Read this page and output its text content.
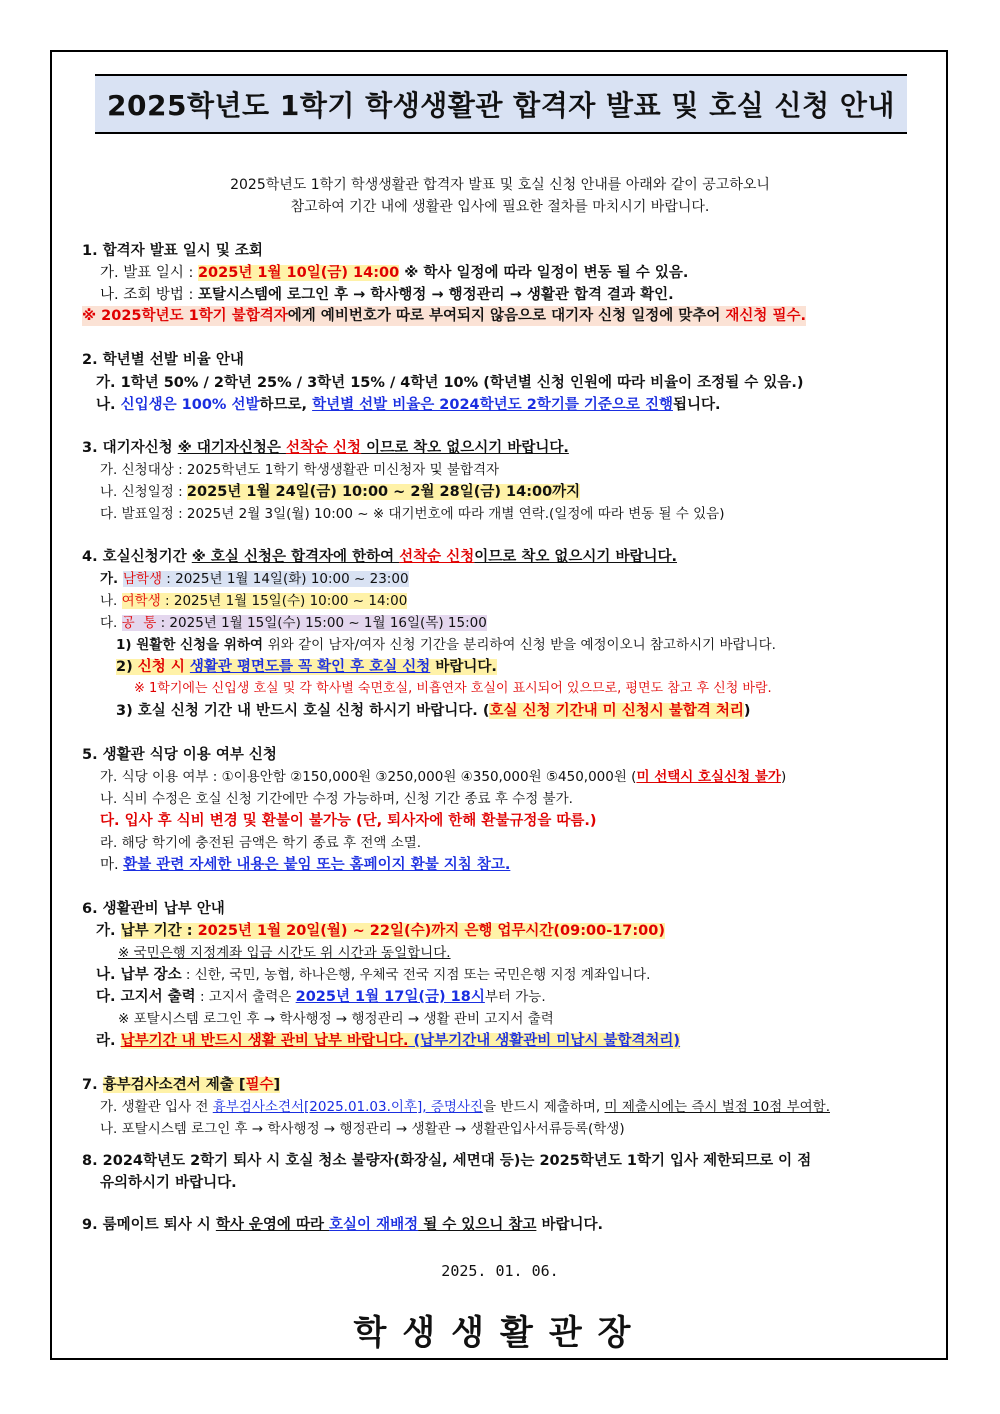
2025학년도 1학기 학생생활관 합격자 발표 및 호실 신청 안내
2025학년도 1학기 학생생활관 합격자 발표 및 호실 신청 안내를 아래와 같이 공고하오니
참고하여 기간 내에 생활관 입사에 필요한 절차를 마치시기 바랍니다.
1. 합격자 발표 일시 및 조회
가. 발표 일시 : 2025년 1월 10일(금) 14:00 ※ 학사 일정에 따라 일정이 변동 될 수 있음.
나. 조회 방법 : 포탈시스템에 로그인 후 → 학사행정 → 행정관리 → 생활관 합격 결과 확인.
※ 2025학년도 1학기 불합격자에게 예비번호가 따로 부여되지 않음으로 대기자 신청 일정에 맞추어 재신청 필수.
2. 학년별 선발 비율 안내
가. 1학년 50% / 2학년 25% / 3학년 15% / 4학년 10% (학년별 신청 인원에 따라 비율이 조정될 수 있음.)
나. 신입생은 100% 선발하므로, 학년별 선발 비율은 2024학년도 2학기를 기준으로 진행됩니다.
3. 대기자신청 ※ 대기자신청은 선착순 신청 이므로 착오 없으시기 바랍니다.
가. 신청대상 : 2025학년도 1학기 학생생활관 미신청자 및 불합격자
나. 신청일정 : 2025년 1월 24일(금) 10:00 ~ 2월 28일(금) 14:00까지
다. 발표일정 : 2025년 2월 3일(월) 10:00 ~ ※ 대기번호에 따라 개별 연락.(일정에 따라 변동 될 수 있음)
4. 호실신청기간 ※ 호실 신청은 합격자에 한하여 선착순 신청이므로 착오 없으시기 바랍니다.
가. 남학생 : 2025년 1월 14일(화) 10:00 ~ 23:00
나. 여학생 : 2025년 1월 15일(수) 10:00 ~ 14:00
다. 공  통 : 2025년 1월 15일(수) 15:00 ~ 1월 16일(목) 15:00
1) 원활한 신청을 위하여 위와 같이 남자/여자 신청 기간을 분리하여 신청 받을 예정이오니 참고하시기 바랍니다.
2) 신청 시 생활관 평면도를 꼭 확인 후 호실 신청 바랍니다.
※ 1학기에는 신입생 호실 및 각 학사별 숙면호실, 비흡연자 호실이 표시되어 있으므로, 평면도 참고 후 신청 바람.
3) 호실 신청 기간 내 반드시 호실 신청 하시기 바랍니다. (호실 신청 기간내 미 신청시 불합격 처리)
5. 생활관 식당 이용 여부 신청
가. 식당 이용 여부 : ①이용안함 ②150,000원 ③250,000원 ④350,000원 ⑤450,000원 (미 선택시 호실신청 불가)
나. 식비 수정은 호실 신청 기간에만 수정 가능하며, 신청 기간 종료 후 수정 불가.
다. 입사 후 식비 변경 및 환불이 불가능 (단, 퇴사자에 한해 환불규정을 따름.)
라. 해당 학기에 충전된 금액은 학기 종료 후 전액 소멸.
마. 환불 관련 자세한 내용은 붙임 또는 홈페이지 환불 지침 참고.
6. 생활관비 납부 안내
가. 납부 기간 : 2025년 1월 20일(월) ~ 22일(수)까지 은행 업무시간(09:00-17:00)
※ 국민은행 지정계좌 입금 시간도 위 시간과 동일합니다.
나. 납부 장소 : 신한, 국민, 농협, 하나은행, 우체국 전국 지점 또는 국민은행 지정 계좌입니다.
다. 고지서 출력 : 고지서 출력은 2025년 1월 17일(금) 18시부터 가능.
※ 포탈시스템 로그인 후 → 학사행정 → 행정관리 → 생활 관비 고지서 출력
라. 납부기간 내 반드시 생활 관비 납부 바랍니다. (납부기간내 생활관비 미납시 불합격처리)
7. 흉부검사소견서 제출 [필수]
가. 생활관 입사 전 흉부검사소견서[2025.01.03.이후], 증명사진을 반드시 제출하며, 미 제출시에는 즉시 벌점 10점 부여함.
나. 포탈시스템 로그인 후 → 학사행정 → 행정관리 → 생활관 → 생활관입사서류등록(학생)
8. 2024학년도 2학기 퇴사 시 호실 청소 불량자(화장실, 세면대 등)는 2025학년도 1학기 입사 제한되므로 이 점
유의하시기 바랍니다.
9. 룸메이트 퇴사 시 학사 운영에 따라 호실이 재배정 될 수 있으니 참고 바랍니다.
2025. 01. 06.
학생생활관장
